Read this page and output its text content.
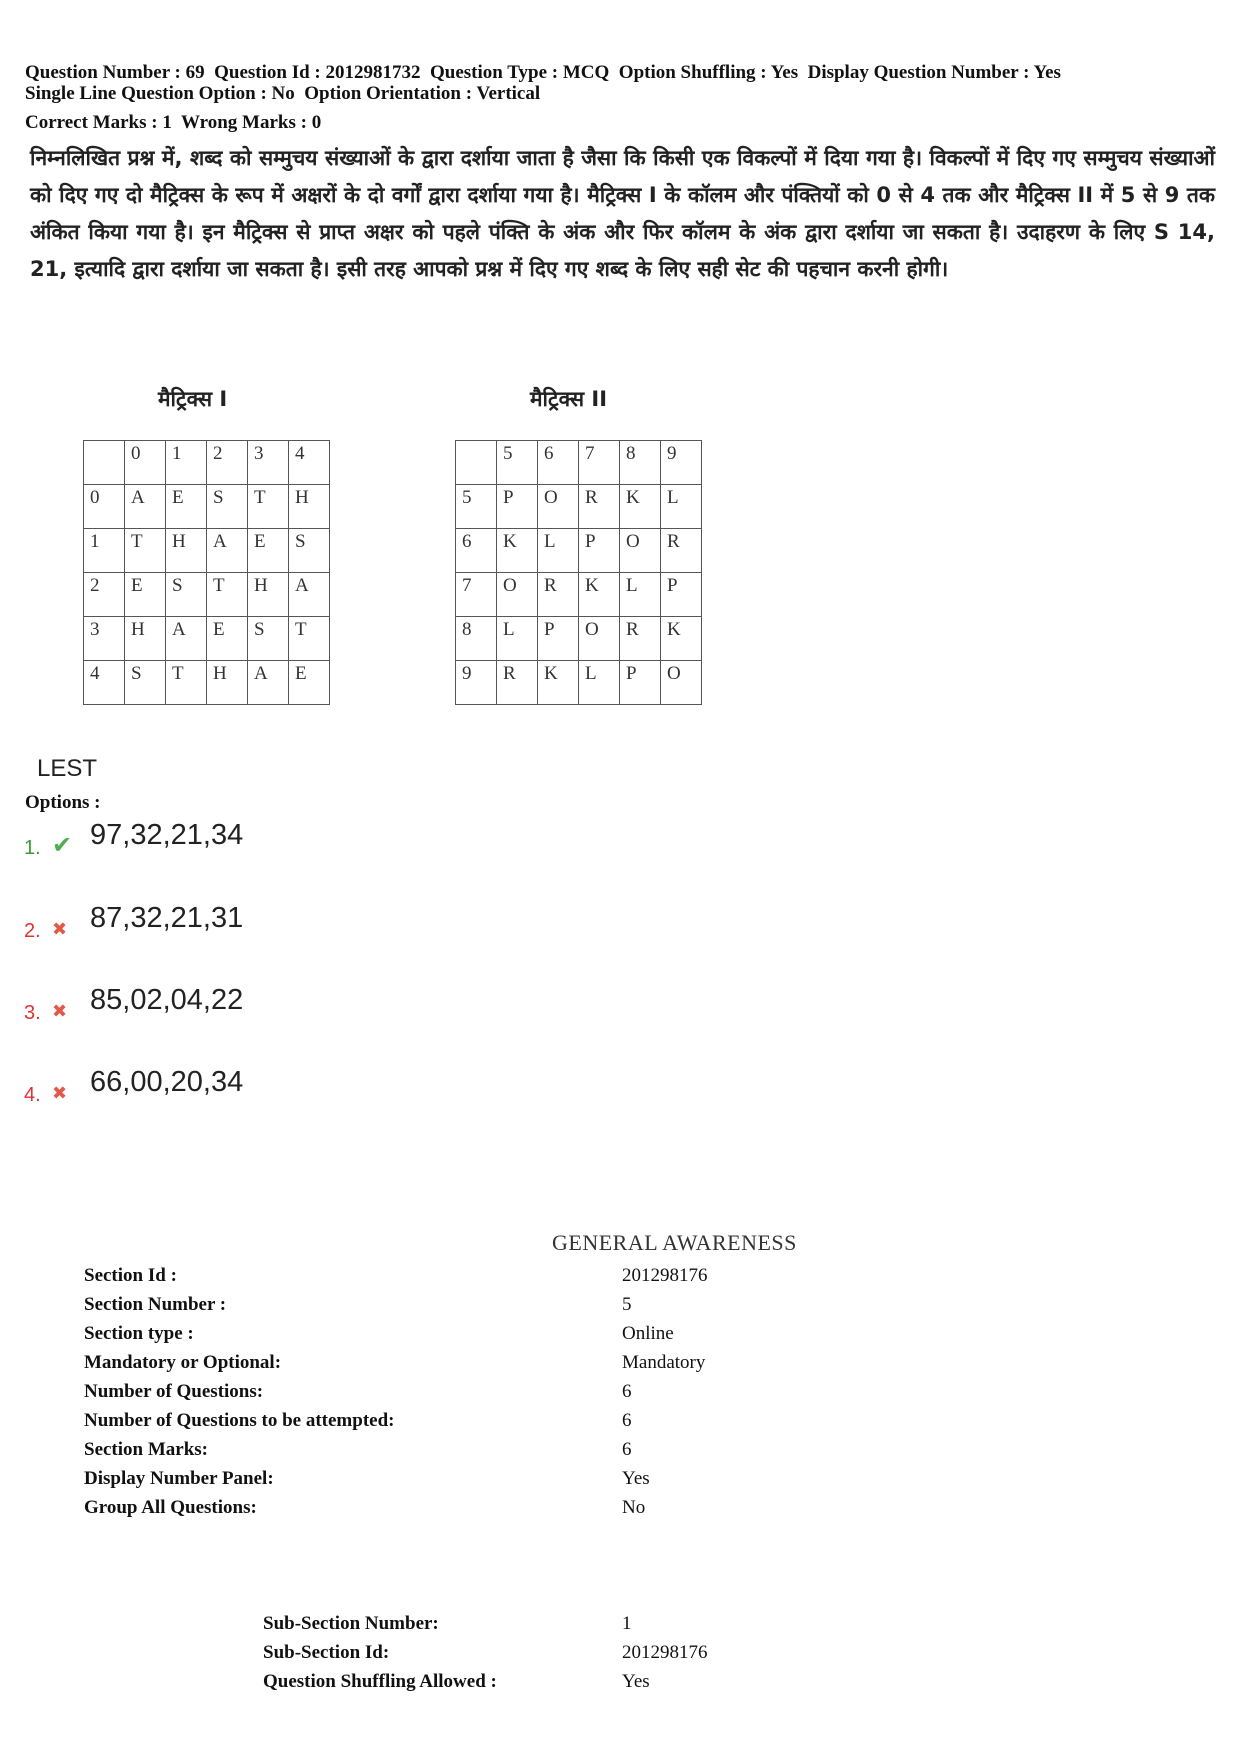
Question Number : 69  Question Id : 2012981732  Question Type : MCQ  Option Shuffling : Yes  Display Question Number : Yes
Single Line Question Option : No  Option Orientation : Vertical
Correct Marks : 1  Wrong Marks : 0
निम्नलिखित प्रश्न में, शब्द को सम्मुचय संख्याओं के द्वारा दर्शाया जाता है जैसा कि किसी एक विकल्पों में दिया गया है। विकल्पों में दिए गए सम्मुचय संख्याओं को दिए गए दो मैट्रिक्स के रूप में अक्षरों के दो वर्गों द्वारा दर्शाया गया है। मैट्रिक्स I के कॉलम और पंक्तियों को 0 से 4 तक और मैट्रिक्स II में 5 से 9 तक अंकित किया गया है। इन मैट्रिक्स से प्राप्त अक्षर को पहले पंक्ति के अंक और फिर कॉलम के अंक द्वारा दर्शाया जा सकता है। उदाहरण के लिए S 14, 21, इत्यादि द्वारा दर्शाया जा सकता है। इसी तरह आपको प्रश्न में दिए गए शब्द के लिए सही सेट की पहचान करनी होगी।
मैट्रिक्स I	मैट्रिक्स II
	0	1	2	3	4
0	A	E	S	T	H
1	T	H	A	E	S
2	E	S	T	H	A
3	H	A	E	S	T
4	S	T	H	A	E
	5	6	7	8	9
5	P	O	R	K	L
6	K	L	P	O	R
7	O	R	K	L	P
8	L	P	O	R	K
9	R	K	L	P	O
LEST
Options :
1. ✔ 97,32,21,34
2. ✖ 87,32,21,31
3. ✖ 85,02,04,22
4. ✖ 66,00,20,34
GENERAL AWARENESS
Section Id :	201298176
Section Number :	5
Section type :	Online
Mandatory or Optional:	Mandatory
Number of Questions:	6
Number of Questions to be attempted:	6
Section Marks:	6
Display Number Panel:	Yes
Group All Questions:	No
Sub-Section Number:	1
Sub-Section Id:	201298176
Question Shuffling Allowed :	Yes
